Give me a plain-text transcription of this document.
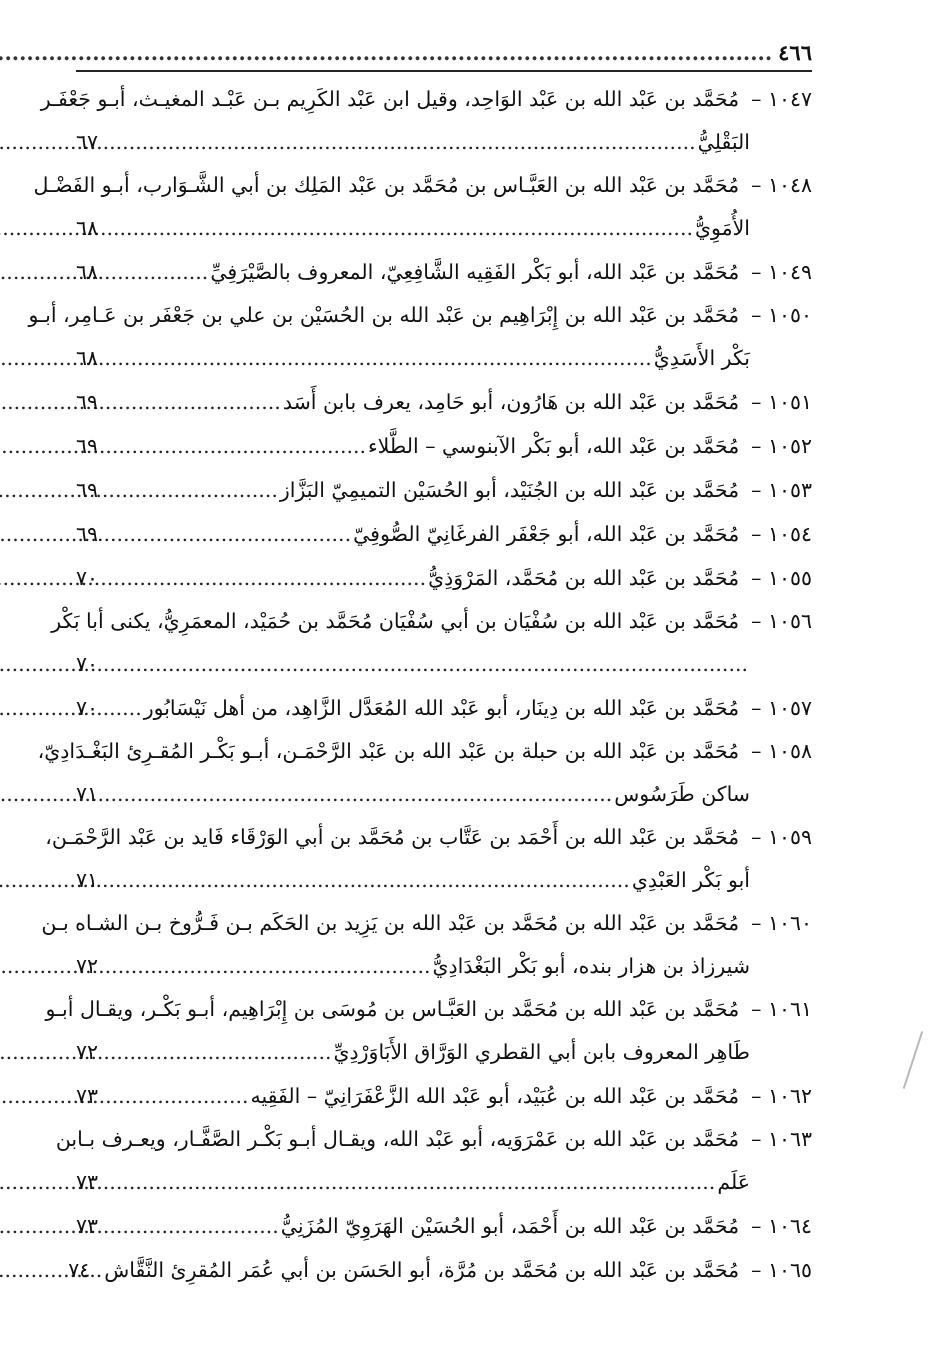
٤٦٦
.....
١٠٤٧ –
مُحَمَّد بن عَبْد الله بن عَبْد الوَاحِد، وقيل ابن عَبْد الكَرِيم بـن عَبْـد المغيـث، أبـو جَعْفَـر
البَقْلِيُّ
.....
٦٧
١٠٤٨ –
مُحَمَّد بن عَبْد الله بن العَبَّـاس بن مُحَمَّد بن عَبْد المَلِك بن أبي الشَّـوَارب، أبـو الفَضْـل
الأُمَوِيُّ
.....
٦٨
١٠٤٩ –
مُحَمَّد بن عَبْد الله، أبو بَكْر الفَقِيه الشَّافِعِيّ، المعروف بالصَّيْرَفِيِّ
.....
٦٨
١٠٥٠ –
مُحَمَّد بن عَبْد الله بن إِبْرَاهِيم بن عَبْد الله بن الحُسَيْن بن علي بن جَعْفَر بن عَـامِر، أبـو
بَكْر الأَسَدِيُّ
.....
٦٨
١٠٥١ –
مُحَمَّد بن عَبْد الله بن هَارُون، أبو حَامِد، يعرف بابن أَسَد
.....
٦٩
١٠٥٢ –
مُحَمَّد بن عَبْد الله، أبو بَكْر الآبنوسي – الطَّلاء
.....
٦٩
١٠٥٣ –
مُحَمَّد بن عَبْد الله بن الجُنَيْد، أبو الحُسَيْن التميمِيّ البَزَّاز
.....
٦٩
١٠٥٤ –
مُحَمَّد بن عَبْد الله، أبو جَعْفَر الفرغَانِيّ الصُّوفِيّ
.....
٦٩
١٠٥٥ –
مُحَمَّد بن عَبْد الله بن مُحَمَّد، المَرْوَذِيُّ
.....
٧٠
١٠٥٦ –
مُحَمَّد بن عَبْد الله بن سُفْيَان بن أبي سُفْيَان مُحَمَّد بن حُمَيْد، المعمَرِيُّ، يكنى أبا بَكْر
.....
٧٠
١٠٥٧ –
مُحَمَّد بن عَبْد الله بن دِينَار، أبو عَبْد الله المُعَدَّل الزَّاهِد، من أهل نَيْسَابُور
.....
٧٠
١٠٥٨ –
مُحَمَّد بن عَبْد الله بن حبلة بن عَبْد الله بن عَبْد الرَّحْمَـن، أبـو بَكْـر المُقـرِئ البَغْـدَادِيّ،
ساكن طَرَسُوس
.....
٧١
١٠٥٩ –
مُحَمَّد بن عَبْد الله بن أَحْمَد بن عَتَّاب بن مُحَمَّد بن أبي الوَرْقَاء فَايد بن عَبْد الرَّحْمَـن،
أبو بَكْر العَبْدِي
.....
٧١
١٠٦٠ –
مُحَمَّد بن عَبْد الله بن مُحَمَّد بن عَبْد الله بن يَزِيد بن الحَكَم بـن فَـرُّوخ بـن الشـاه بـن
شيرزاذ بن هزار بنده، أبو بَكْر البَغْدَادِيُّ
.....
٧٢
١٠٦١ –
مُحَمَّد بن عَبْد الله بن مُحَمَّد بن العَبَّـاس بن مُوسَى بن إِبْرَاهِيم، أبـو بَكْـر، ويقـال أبـو
طَاهِر المعروف بابن أبي القطري الوَرَّاق الأَبَاوَرْدِيِّ
.....
٧٢
١٠٦٢ –
مُحَمَّد بن عَبْد الله بن عُبَيْد، أبو عَبْد الله الزَّعْفَرَانِيّ – الفَقِيه
.....
٧٣
١٠٦٣ –
مُحَمَّد بن عَبْد الله بن عَمْرَوَيه، أبو عَبْد الله، ويقـال أبـو بَكْـر الصَّفَّـار، ويعـرف بـابن
عَلَم
.....
٧٣
١٠٦٤ –
مُحَمَّد بن عَبْد الله بن أَحْمَد، أبو الحُسَيْن الهَرَوِيّ المُزَنِيُّ
.....
٧٣
١٠٦٥ –
مُحَمَّد بن عَبْد الله بن مُحَمَّد بن مُرَّة، أبو الحَسَن بن أبي عُمَر المُقرِئ النَّقَّاش
.....
٧٤
